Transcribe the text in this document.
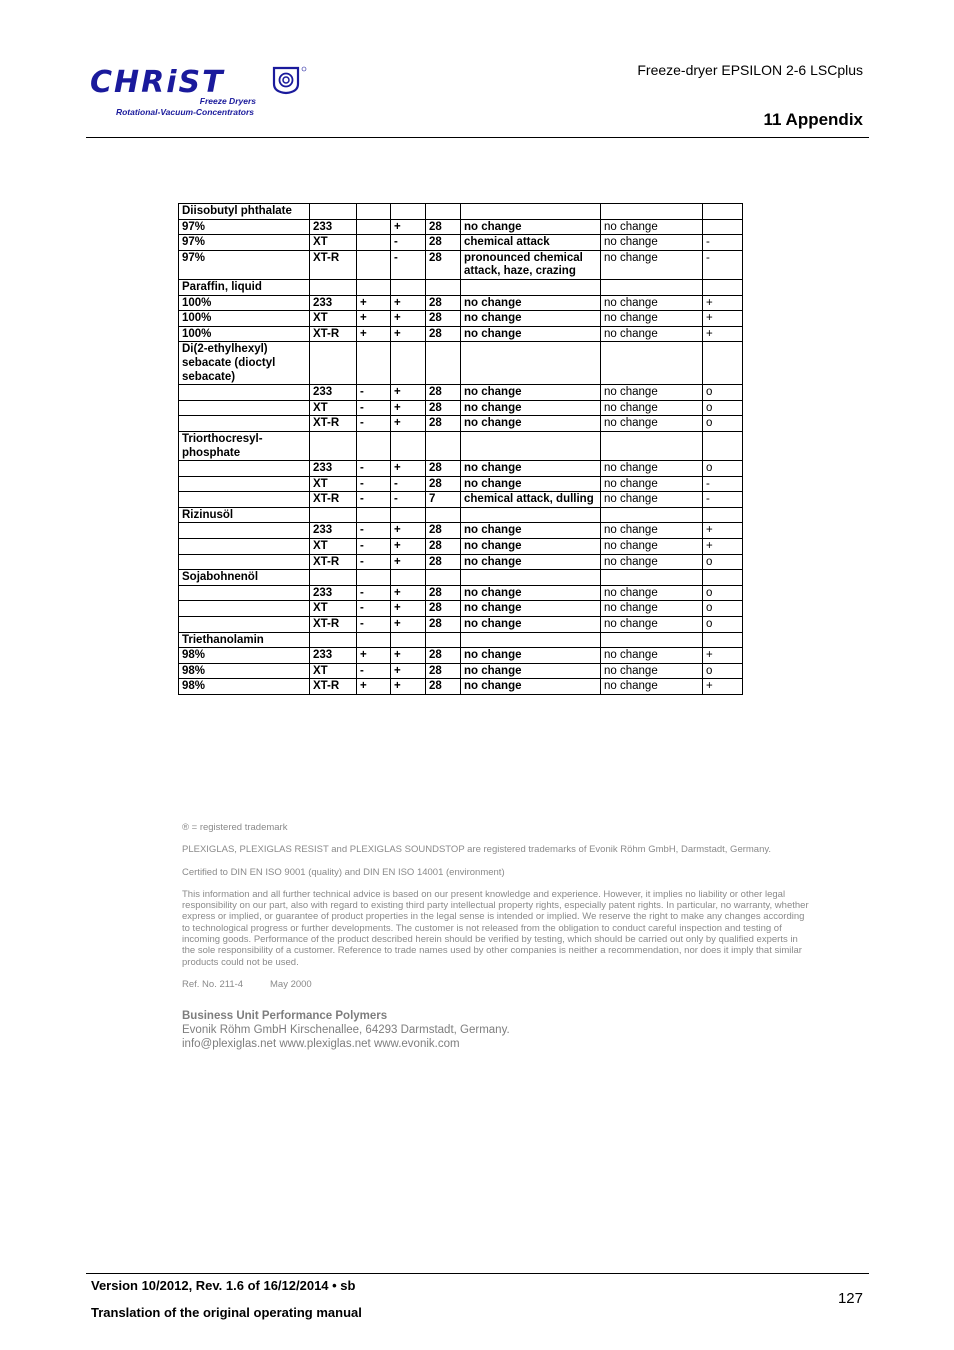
CHRiST
Freeze Dryers
Rotational-Vacuum-Concentrators
Freeze-dryer EPSILON 2-6 LSCplus
11 Appendix
Diisobutyl phthalate							
97%	233		+	28	no change	no change	
97%	XT		-	28	chemical attack	no change	-
97%	XT-R		-	28	pronounced chemical attack, haze, crazing	no change	-
Paraffin, liquid							
100%	233	+	+	28	no change	no change	+
100%	XT	+	+	28	no change	no change	+
100%	XT-R	+	+	28	no change	no change	+
Di(2-ethylhexyl) sebacate (dioctyl sebacate)							
	233	-	+	28	no change	no change	o
	XT	-	+	28	no change	no change	o
	XT-R	-	+	28	no change	no change	o
Triorthocresyl-phosphate							
	233	-	+	28	no change	no change	o
	XT	-	-	28	no change	no change	-
	XT-R	-	-	7	chemical attack, dulling	no change	-
Rizinusöl							
	233	-	+	28	no change	no change	+
	XT	-	+	28	no change	no change	+
	XT-R	-	+	28	no change	no change	o
Sojabohnenöl							
	233	-	+	28	no change	no change	o
	XT	-	+	28	no change	no change	o
	XT-R	-	+	28	no change	no change	o
Triethanolamin							
98%	233	+	+	28	no change	no change	+
98%	XT	-	+	28	no change	no change	o
98%	XT-R	+	+	28	no change	no change	+

® = registered trademark

PLEXIGLAS, PLEXIGLAS RESIST and PLEXIGLAS SOUNDSTOP are registered trademarks of Evonik Röhm GmbH, Darmstadt, Germany.

Certified to DIN EN ISO 9001 (quality) and DIN EN ISO 14001 (environment)

This information and all further technical advice is based on our present knowledge and experience. However, it implies no liability or other legal responsibility on our part, also with regard to existing third party intellectual property rights, especially patent rights. In particular, no warranty, whether express or implied, or guarantee of product properties in the legal sense is intended or implied. We reserve the right to make any changes according to technological progress or further developments. The customer is not released from the obligation to conduct careful inspection and testing of incoming goods. Performance of the product described herein should be verified by testing, which should be carried out only by qualified experts in the sole responsibility of a customer. Reference to trade names used by other companies is neither a recommendation, nor does it imply that similar products could not be used.

Ref. No. 211-4	May 2000

Business Unit Performance Polymers
Evonik Röhm GmbH Kirschenallee, 64293 Darmstadt, Germany.
info@plexiglas.net www.plexiglas.net www.evonik.com
Version 10/2012, Rev. 1.6 of 16/12/2014 • sb
Translation of the original operating manual
127
